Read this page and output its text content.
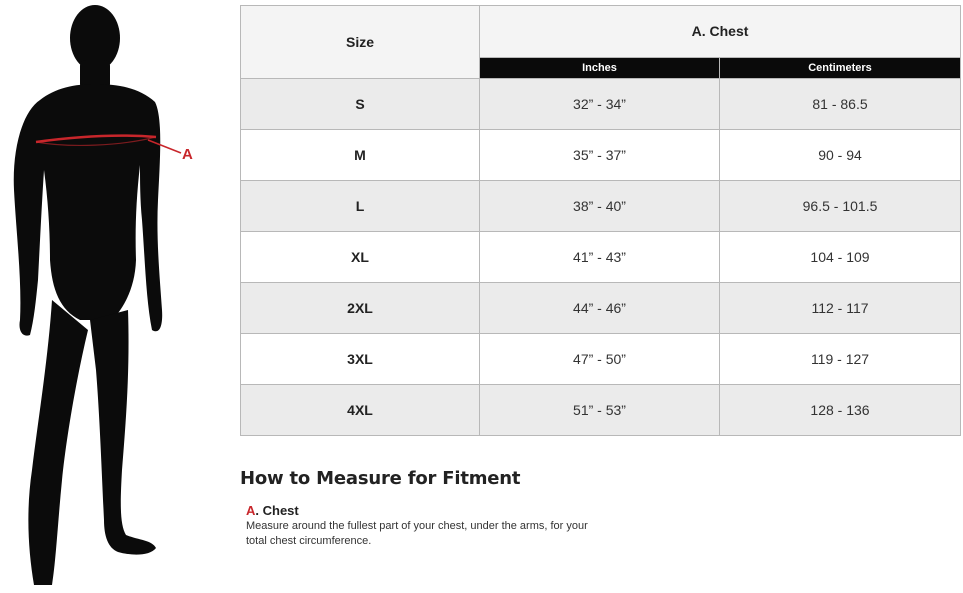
A
Size	A. Chest	
	Inches	Centimeters
S	32” - 34”	81 - 86.5
M	35” - 37”	90 - 94
L	38” - 40”	96.5 - 101.5
XL	41” - 43”	104 - 109
2XL	44” - 46”	112 - 117
3XL	47” - 50”	119 - 127
4XL	51” - 53”	128 - 136
How to Measure for Fitment
A. Chest
Measure around the fullest part of your chest, under the arms, for your
total chest circumference.
